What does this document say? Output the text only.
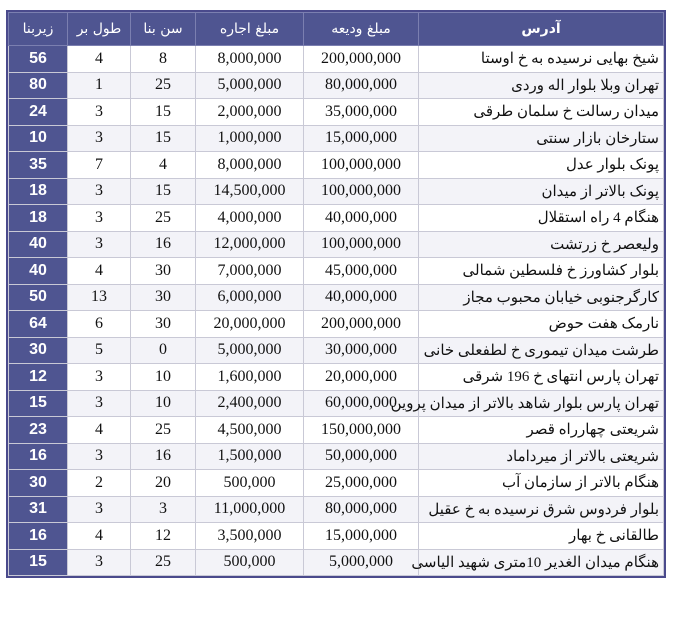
آدرس	مبلغ ودیعه	مبلغ اجاره	سن بنا	طول بر	زیربنا
شیخ بهایی نرسیده به خ اوستا	200,000,000	8,000,000	8	4	56
تهران وبلا بلوار اله وردی	80,000,000	5,000,000	25	1	80
میدان رسالت خ سلمان طرقی	35,000,000	2,000,000	15	3	24
ستارخان بازار سنتی	15,000,000	1,000,000	15	3	10
پونک بلوار عدل	100,000,000	8,000,000	4	7	35
پونک بالاتر از میدان	100,000,000	14,500,000	15	3	18
هنگام 4 راه استقلال	40,000,000	4,000,000	25	3	18
ولیعصر خ زرتشت	100,000,000	12,000,000	16	3	40
بلوار کشاورز خ فلسطین شمالی	45,000,000	7,000,000	30	4	40
کارگرجنوبی خیابان محبوب مجاز	40,000,000	6,000,000	30	13	50
نارمک هفت حوض	200,000,000	20,000,000	30	6	64
طرشت میدان تیموری خ لطفعلی خانی	30,000,000	5,000,000	0	5	30
تهران پارس انتهای خ 196 شرقی	20,000,000	1,600,000	10	3	12
تهران پارس بلوار شاهد بالاتر از میدان پروین	60,000,000	2,400,000	10	3	15
شریعتی چهارراه قصر	150,000,000	4,500,000	25	4	23
شریعتی بالاتر از میرداماد	50,000,000	1,500,000	16	3	16
هنگام بالاتر از سازمان آب	25,000,000	500,000	20	2	30
بلوار فردوس شرق نرسیده به خ عقیل	80,000,000	11,000,000	3	3	31
طالقانی خ بهار	15,000,000	3,500,000	12	4	16
هنگام میدان الغدیر 10متری شهید الیاسی	5,000,000	500,000	25	3	15
